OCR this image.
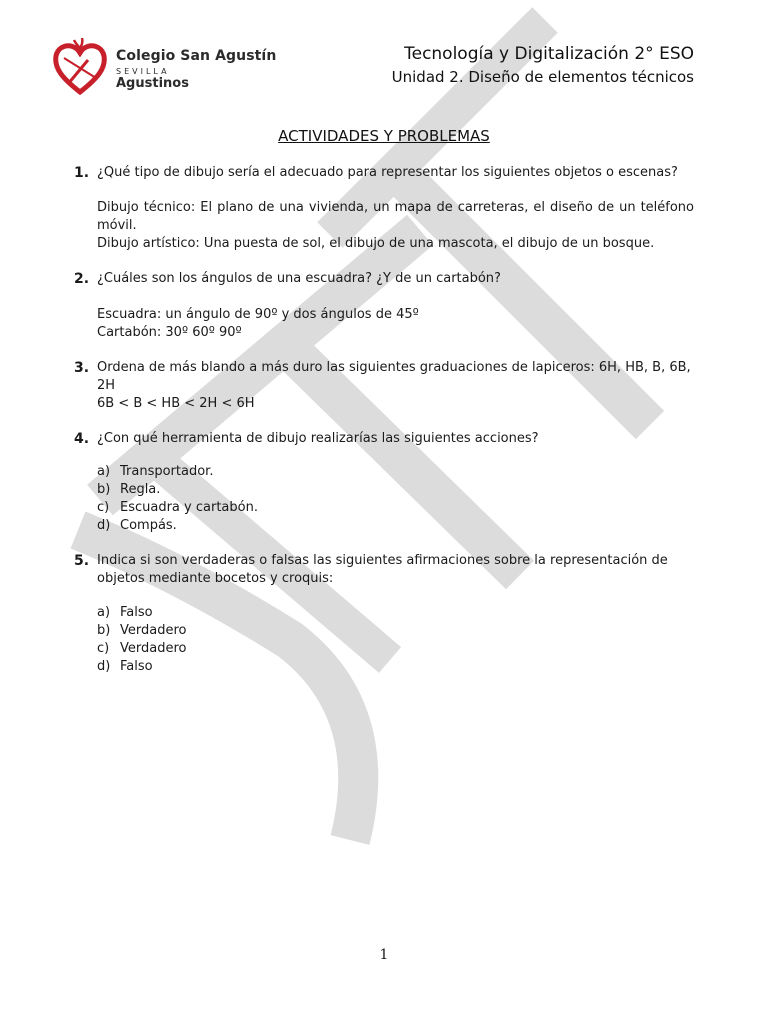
Colegio San Agustín
SEVILLA
Agustinos
Tecnología y Digitalización 2° ESO
Unidad 2. Diseño de elementos técnicos
ACTIVIDADES Y PROBLEMAS
1. ¿Qué tipo de dibujo sería el adecuado para representar los siguientes objetos o escenas?

Dibujo técnico: El plano de una vivienda, un mapa de carreteras, el diseño de un teléfono móvil.

Dibujo artístico: Una puesta de sol, el dibujo de una mascota, el dibujo de un bosque.

2. ¿Cuáles son los ángulos de una escuadra? ¿Y de un cartabón?

Escuadra: un ángulo de 90º y dos ángulos de 45º

Cartabón: 30º 60º 90º

3. Ordena de más blando a más duro las siguientes graduaciones de lapiceros: 6H, HB, B, 6B, 2H

6B < B < HB < 2H < 6H

4. ¿Con qué herramienta de dibujo realizarías las siguientes acciones?
a) Transportador.
b) Regla.
c) Escuadra y cartabón.
d) Compás.
5. Indica si son verdaderas o falsas las siguientes afirmaciones sobre la representación de objetos mediante bocetos y croquis:
a) Falso
b) Verdadero
c) Verdadero
d) Falso
1
